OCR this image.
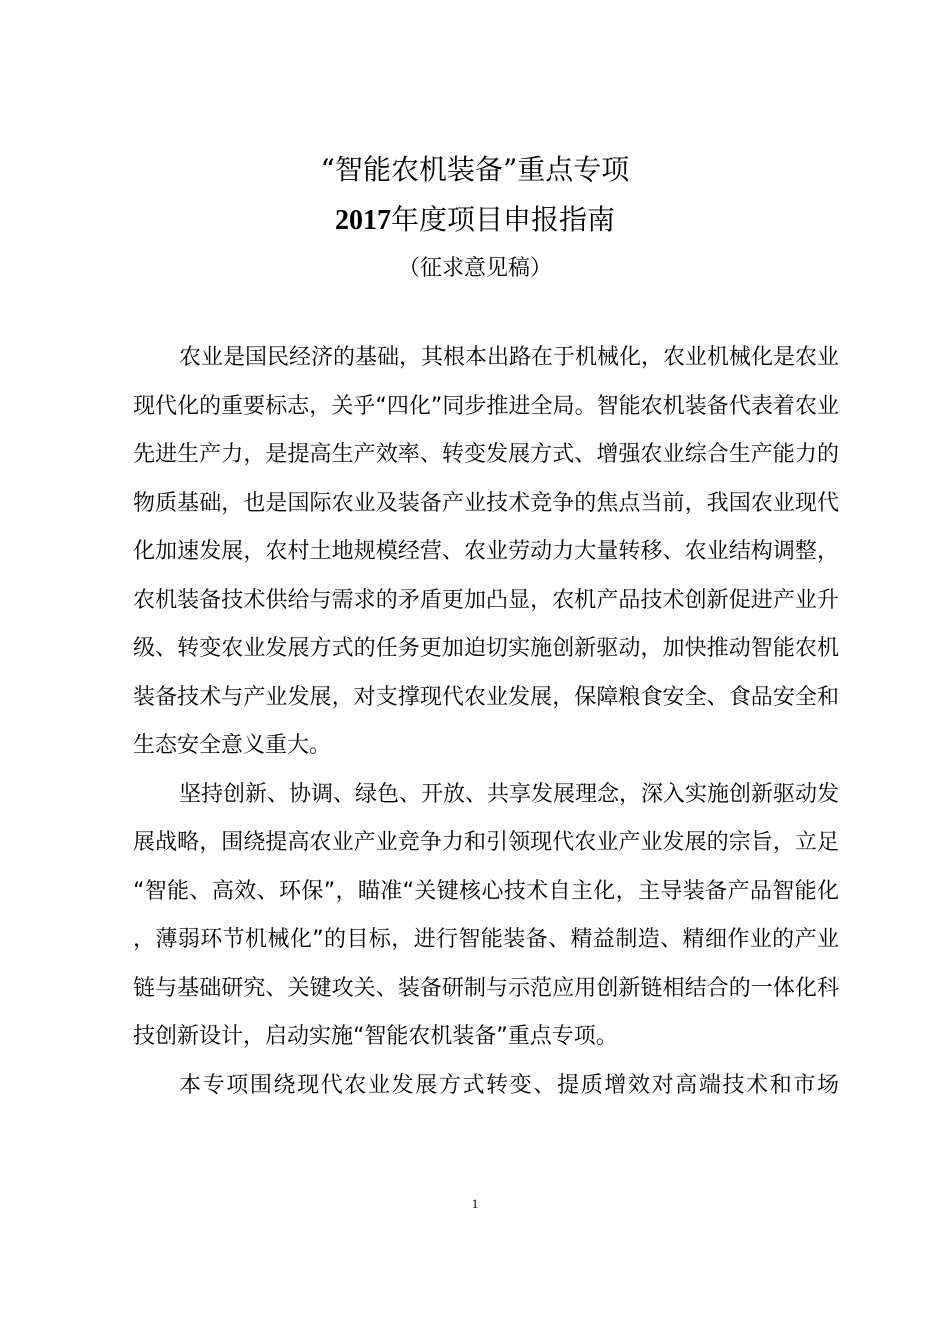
“智能农机装备”重点专项
2017年度项目申报指南
（征求意见稿）

农业是国民经济的基础，其根本出路在于机械化，农业机械化是农业现代化的重要标志，关乎“四化”同步推进全局。智能农机装备代表着农业先进生产力，是提高生产效率、转变发展方式、增强农业综合生产能力的物质基础，也是国际农业及装备产业技术竞争的焦点当前，我国农业现代化加速发展，农村土地规模经营、农业劳动力大量转移、农业结构调整，农机装备技术供给与需求的矛盾更加凸显，农机产品技术创新促进产业升级、转变农业发展方式的任务更加迫切实施创新驱动，加快推动智能农机装备技术与产业发展，对支撑现代农业发展，保障粮食安全、食品安全和生态安全意义重大。

坚持创新、协调、绿色、开放、共享发展理念，深入实施创新驱动发展战略，围绕提高农业产业竞争力和引领现代农业产业发展的宗旨，立足“智能、高效、环保”，瞄准“关键核心技术自主化，主导装备产品智能化，薄弱环节机械化”的目标，进行智能装备、精益制造、精细作业的产业链与基础研究、关键攻关、装备研制与示范应用创新链相结合的一体化科技创新设计，启动实施“智能农机装备”重点专项。

本专项围绕现代农业发展方式转变、提质增效对高端技术和市场

1
